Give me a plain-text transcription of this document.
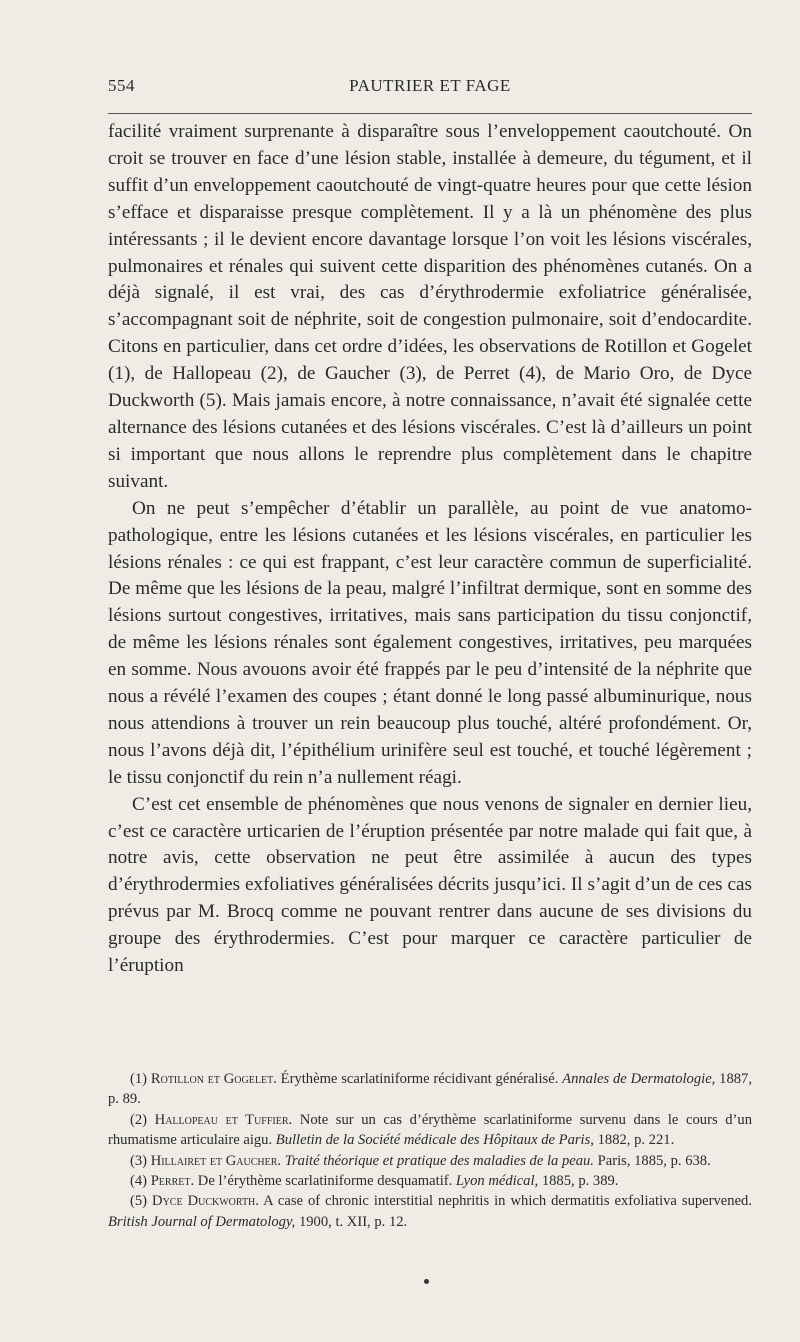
554	PAUTRIER ET FAGE

facilité vraiment surprenante à disparaître sous l’enveloppement caoutchouté. On croit se trouver en face d’une lésion stable, installée à demeure, du tégument, et il suffit d’un enveloppement caoutchouté de vingt-quatre heures pour que cette lésion s’efface et disparaisse presque complètement. Il y a là un phénomène des plus intéressants ; il le devient encore davantage lorsque l’on voit les lésions viscérales, pulmonaires et rénales qui suivent cette disparition des phénomènes cutanés. On a déjà signalé, il est vrai, des cas d’érythrodermie exfoliatrice généralisée, s’accompagnant soit de néphrite, soit de congestion pulmonaire, soit d’endocardite. Citons en particulier, dans cet ordre d’idées, les observations de Rotillon et Gogelet (1), de Hallopeau (2), de Gaucher (3), de Perret (4), de Mario Oro, de Dyce Duckworth (5). Mais jamais encore, à notre connaissance, n’avait été signalée cette alternance des lésions cutanées et des lésions viscérales. C’est là d’ailleurs un point si important que nous allons le reprendre plus complètement dans le chapitre suivant.

On ne peut s’empêcher d’établir un parallèle, au point de vue anatomo-pathologique, entre les lésions cutanées et les lésions viscérales, en particulier les lésions rénales : ce qui est frappant, c’est leur caractère commun de superficialité. De même que les lésions de la peau, malgré l’infiltrat dermique, sont en somme des lésions surtout congestives, irritatives, mais sans participation du tissu conjonctif, de même les lésions rénales sont également congestives, irritatives, peu marquées en somme. Nous avouons avoir été frappés par le peu d’intensité de la néphrite que nous a révélé l’examen des coupes ; étant donné le long passé albuminurique, nous nous attendions à trouver un rein beaucoup plus touché, altéré profondément. Or, nous l’avons déjà dit, l’épithélium urinifère seul est touché, et touché légèrement ; le tissu conjonctif du rein n’a nullement réagi.

C’est cet ensemble de phénomènes que nous venons de signaler en dernier lieu, c’est ce caractère urticarien de l’éruption présentée par notre malade qui fait que, à notre avis, cette observation ne peut être assimilée à aucun des types d’érythrodermies exfoliatives généralisées décrits jusqu’ici. Il s’agit d’un de ces cas prévus par M. Brocq comme ne pouvant rentrer dans aucune de ses divisions du groupe des érythrodermies. C’est pour marquer ce caractère particulier de l’éruption

(1) Rotillon et Gogelet. Érythème scarlatiniforme récidivant généralisé. Annales de Dermatologie, 1887, p. 89.

(2) Hallopeau et Tuffier. Note sur un cas d’érythème scarlatiniforme survenu dans le cours d’un rhumatisme articulaire aigu. Bulletin de la Société médicale des Hôpitaux de Paris, 1882, p. 221.

(3) Hillairet et Gaucher. Traité théorique et pratique des maladies de la peau. Paris, 1885, p. 638.

(4) Perret. De l’érythème scarlatiniforme desquamatif. Lyon médical, 1885, p. 389.

(5) Dyce Duckworth. A case of chronic interstitial nephritis in which dermatitis exfoliativa supervened. British Journal of Dermatology, 1900, t. XII, p. 12.
